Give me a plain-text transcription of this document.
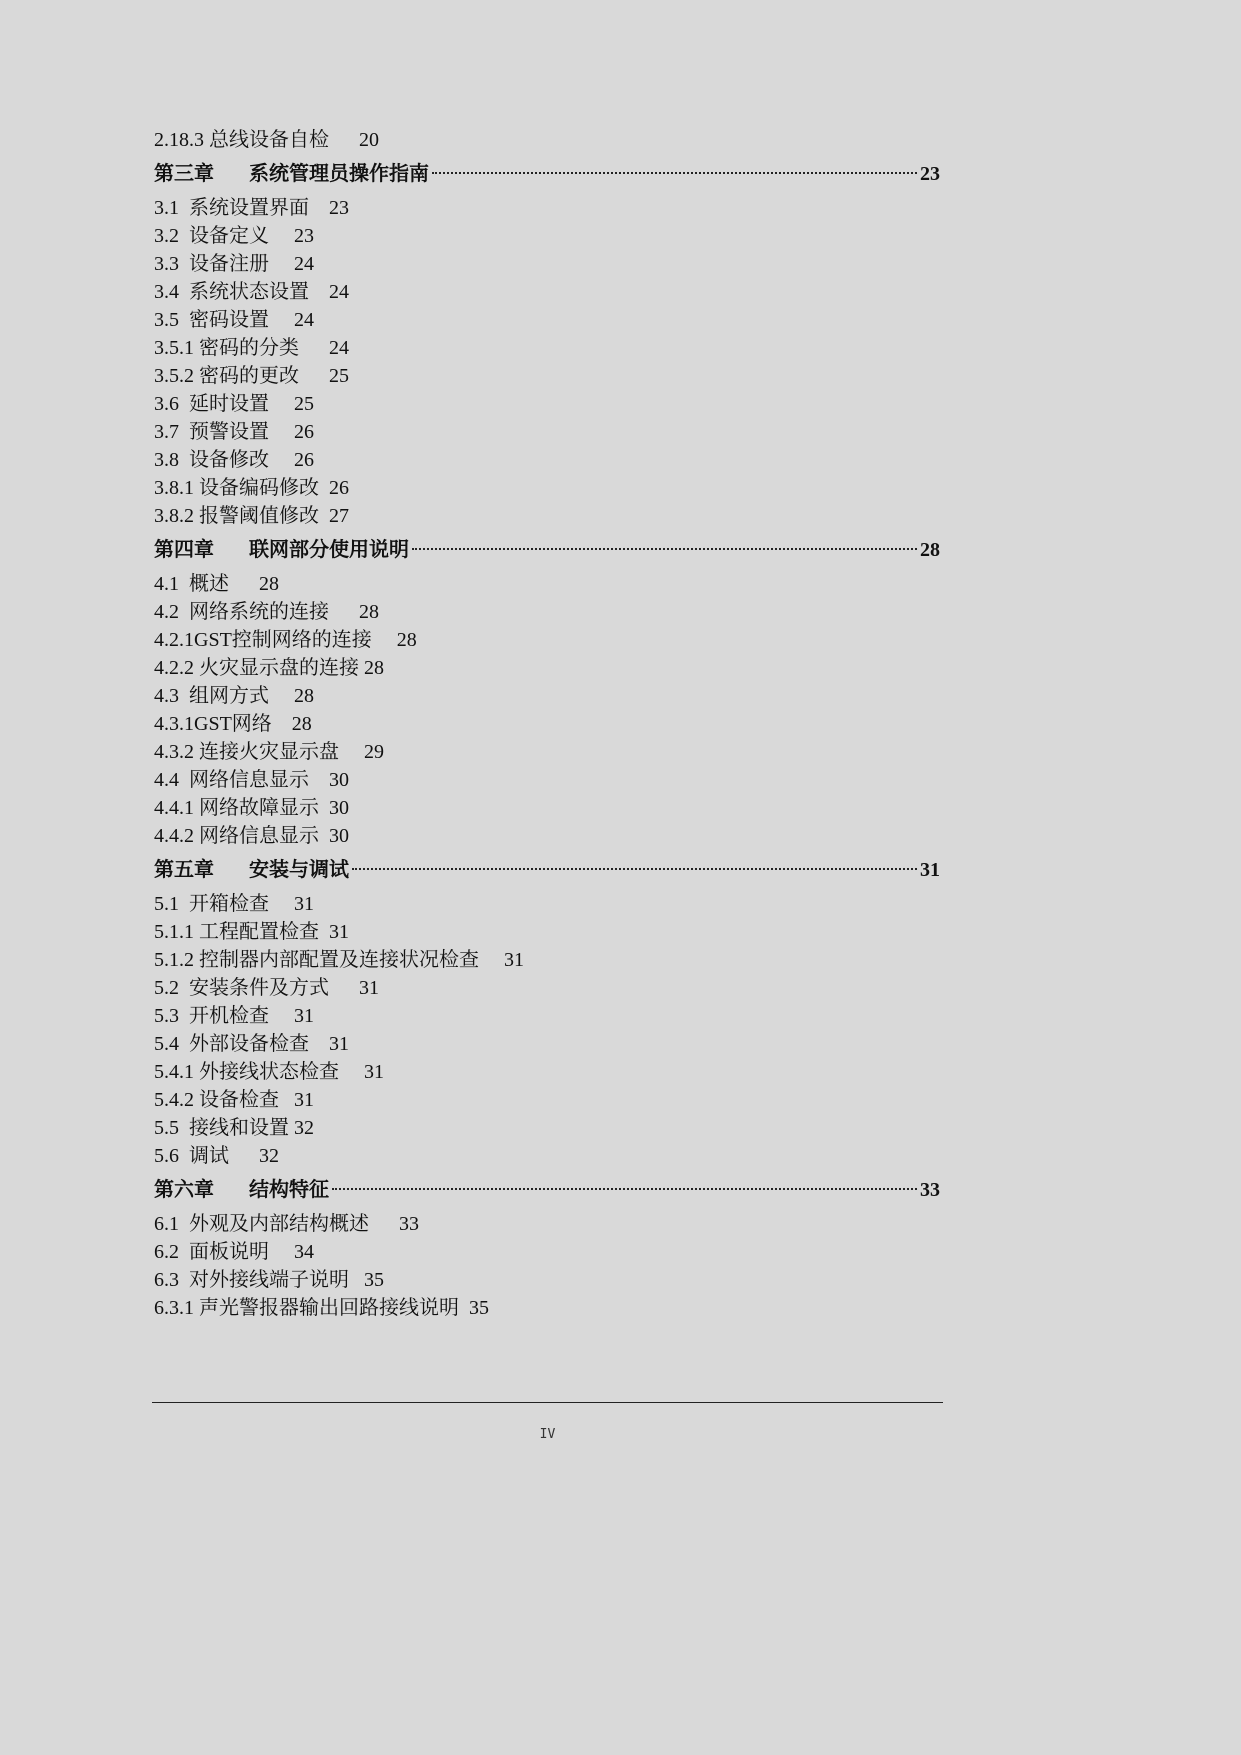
2.18.3 总线设备自检      20
第三章	系统管理员操作指南	23
3.1  系统设置界面    23
3.2  设备定义     23
3.3  设备注册     24
3.4  系统状态设置    24
3.5  密码设置     24
3.5.1 密码的分类      24
3.5.2 密码的更改      25
3.6  延时设置     25
3.7  预警设置     26
3.8  设备修改     26
3.8.1 设备编码修改  26
3.8.2 报警阈值修改  27
第四章	联网部分使用说明	28
4.1  概述      28
4.2  网络系统的连接      28
4.2.1GST控制网络的连接     28
4.2.2 火灾显示盘的连接 28
4.3  组网方式     28
4.3.1GST网络    28
4.3.2 连接火灾显示盘     29
4.4  网络信息显示    30
4.4.1 网络故障显示  30
4.4.2 网络信息显示  30
第五章	安装与调试	31
5.1  开箱检查     31
5.1.1 工程配置检查  31
5.1.2 控制器内部配置及连接状况检查     31
5.2  安装条件及方式      31
5.3  开机检查     31
5.4  外部设备检查    31
5.4.1 外接线状态检查     31
5.4.2 设备检查   31
5.5  接线和设置 32
5.6  调试      32
第六章	结构特征	33
6.1  外观及内部结构概述      33
6.2  面板说明     34
6.3  对外接线端子说明   35
6.3.1 声光警报器输出回路接线说明  35
IV
